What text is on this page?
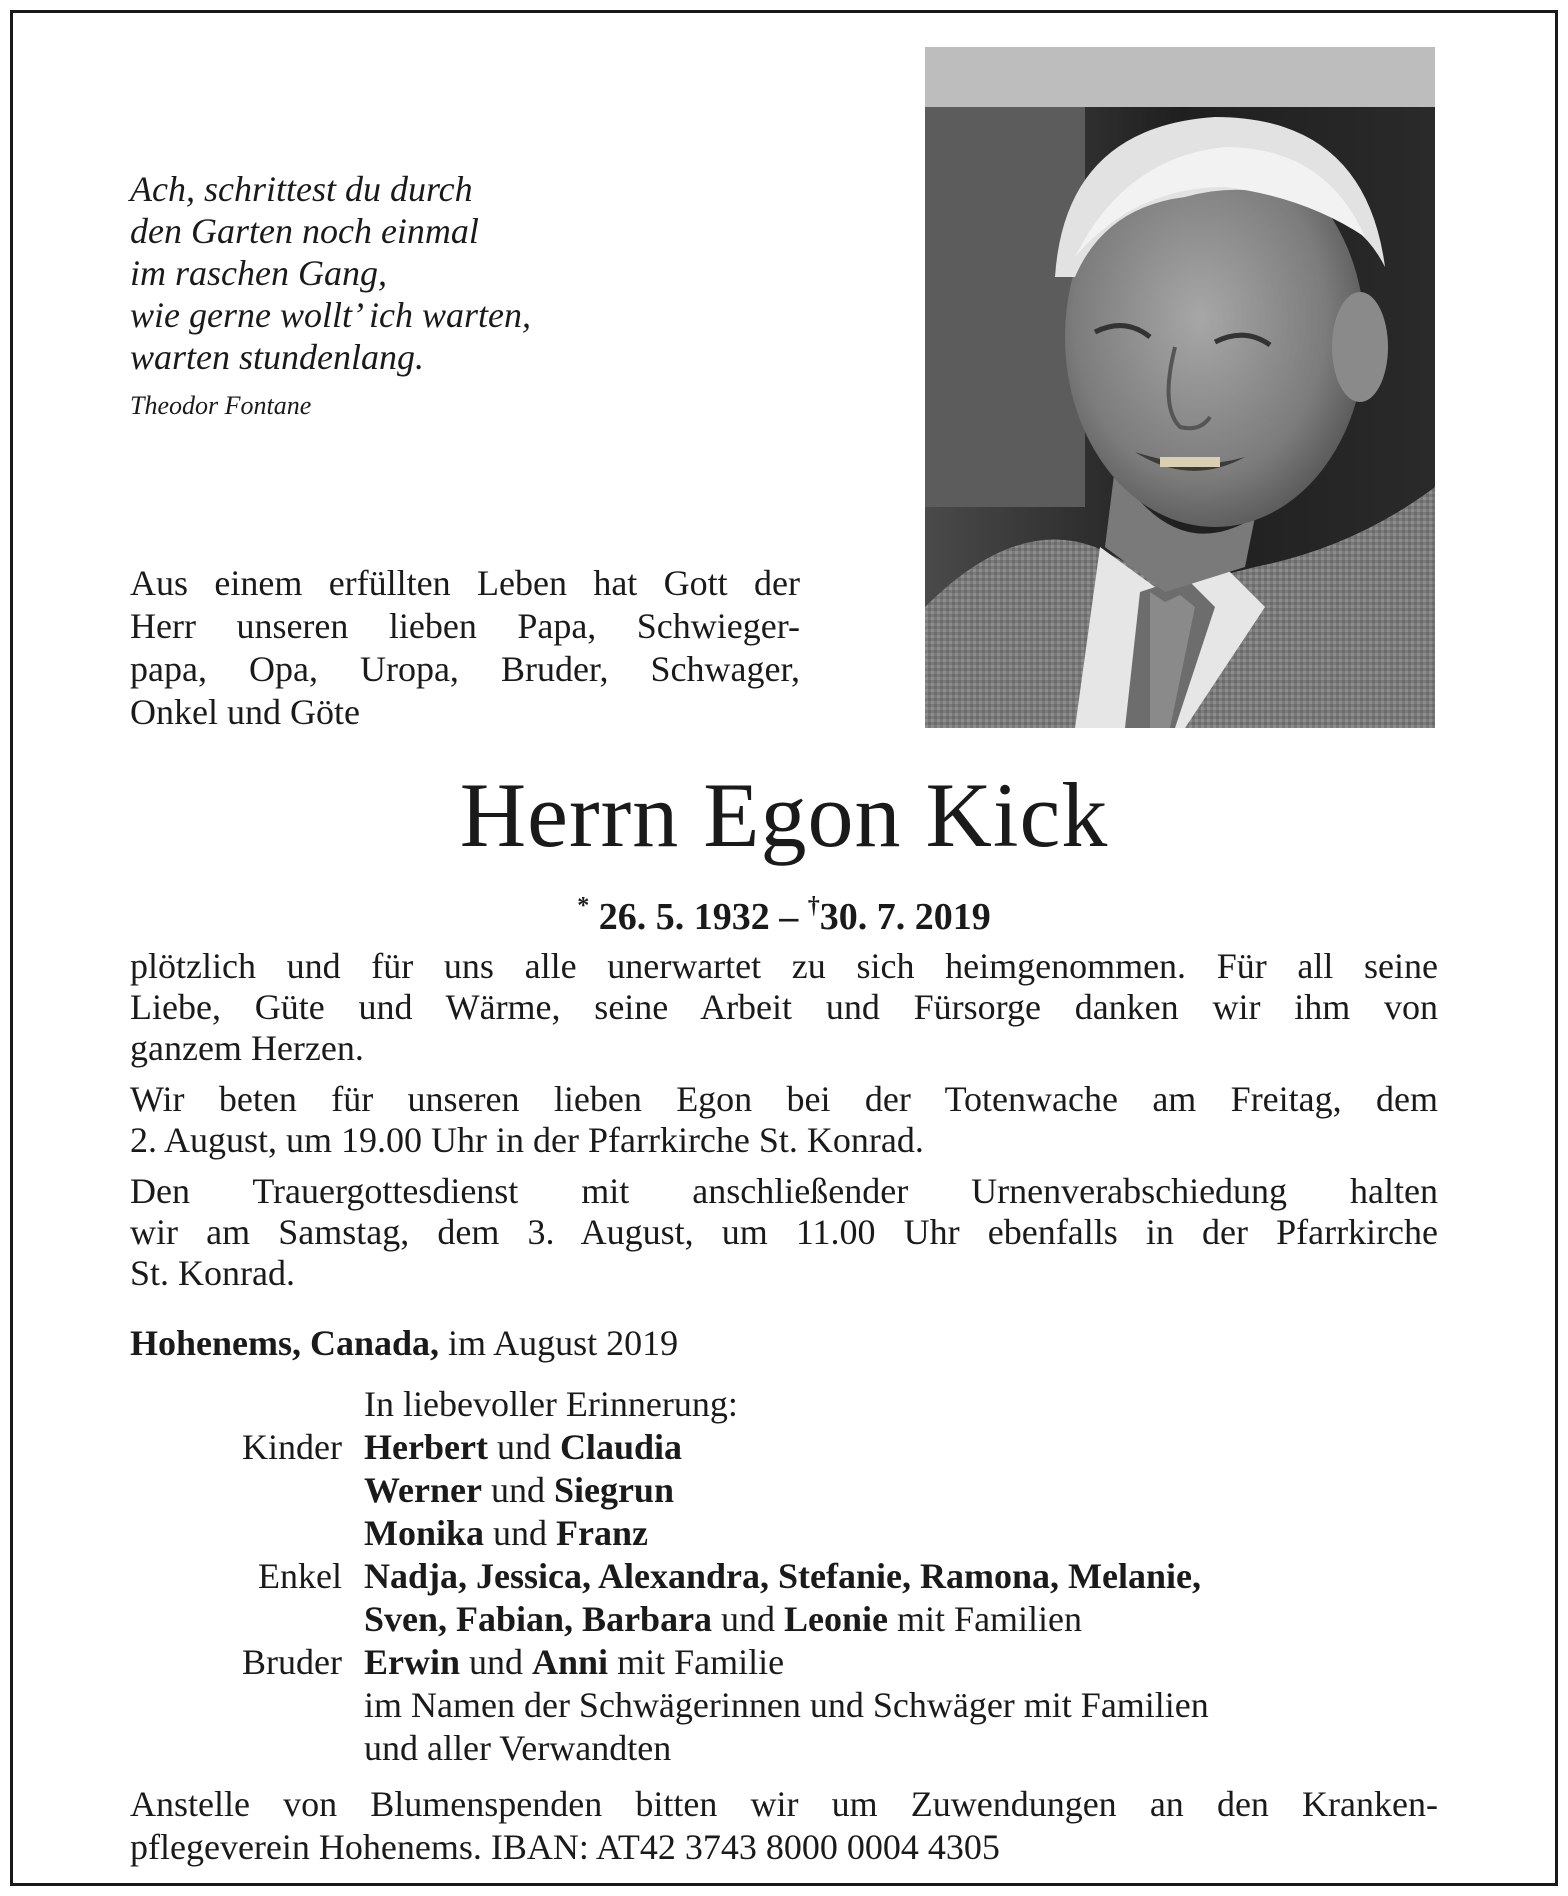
Ach, schrittest du durch
den Garten noch einmal
im raschen Gang,
wie gerne wollt’ ich warten,
warten stundenlang.
Theodor Fontane
Aus einem erfüllten Leben hat Gott der
Herr unseren lieben Papa, Schwieger-
papa, Opa, Uropa, Bruder, Schwager,
Onkel und Göte
Herrn Egon Kick
* 26. 5. 1932 – †30. 7. 2019
plötzlich und für uns alle unerwartet zu sich heimgenommen. Für all seine
Liebe, Güte und Wärme, seine Arbeit und Fürsorge danken wir ihm von
ganzem Herzen.
Wir beten für unseren lieben Egon bei der Totenwache am Freitag, dem
2. August, um 19.00 Uhr in der Pfarrkirche St. Konrad.
Den Trauergottesdienst mit anschließender Urnenverabschiedung halten
wir am Samstag, dem 3. August, um 11.00 Uhr ebenfalls in der Pfarrkirche
St. Konrad.
Hohenems, Canada, im August 2019
In liebevoller Erinnerung:
Kinder Herbert und Claudia
Werner und Siegrun
Monika und Franz
Enkel Nadja, Jessica, Alexandra, Stefanie, Ramona, Melanie,
Sven, Fabian, Barbara und Leonie mit Familien
Bruder Erwin und Anni mit Familie
im Namen der Schwägerinnen und Schwäger mit Familien
und aller Verwandten
Anstelle von Blumenspenden bitten wir um Zuwendungen an den Kranken-
pflegeverein Hohenems. IBAN: AT42 3743 8000 0004 4305
